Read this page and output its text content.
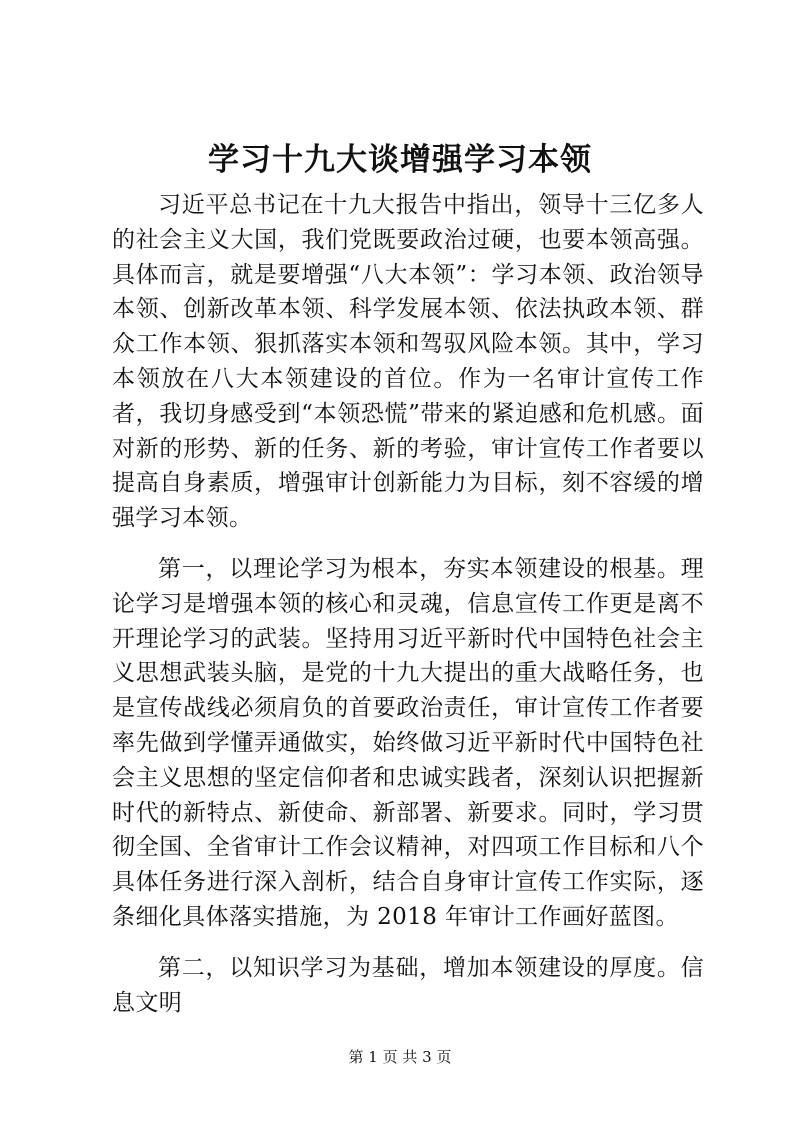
学习十九大谈增强学习本领

习近平总书记在十九大报告中指出，领导十三亿多人的社会主义大国，我们党既要政治过硬，也要本领高强。具体而言，就是要增强“八大本领”：学习本领、政治领导本领、创新改革本领、科学发展本领、依法执政本领、群众工作本领、狠抓落实本领和驾驭风险本领。其中，学习本领放在八大本领建设的首位。作为一名审计宣传工作者，我切身感受到“本领恐慌”带来的紧迫感和危机感。面对新的形势、新的任务、新的考验，审计宣传工作者要以提高自身素质，增强审计创新能力为目标，刻不容缓的增强学习本领。

第一，以理论学习为根本，夯实本领建设的根基。理论学习是增强本领的核心和灵魂，信息宣传工作更是离不开理论学习的武装。坚持用习近平新时代中国特色社会主义思想武装头脑，是党的十九大提出的重大战略任务，也是宣传战线必须肩负的首要政治责任，审计宣传工作者要率先做到学懂弄通做实，始终做习近平新时代中国特色社会主义思想的坚定信仰者和忠诚实践者，深刻认识把握新时代的新特点、新使命、新部署、新要求。同时，学习贯彻全国、全省审计工作会议精神，对四项工作目标和八个具体任务进行深入剖析，结合自身审计宣传工作实际，逐条细化具体落实措施，为 2018 年审计工作画好蓝图。

第二，以知识学习为基础，增加本领建设的厚度。信息文明

第 1 页 共 3 页
